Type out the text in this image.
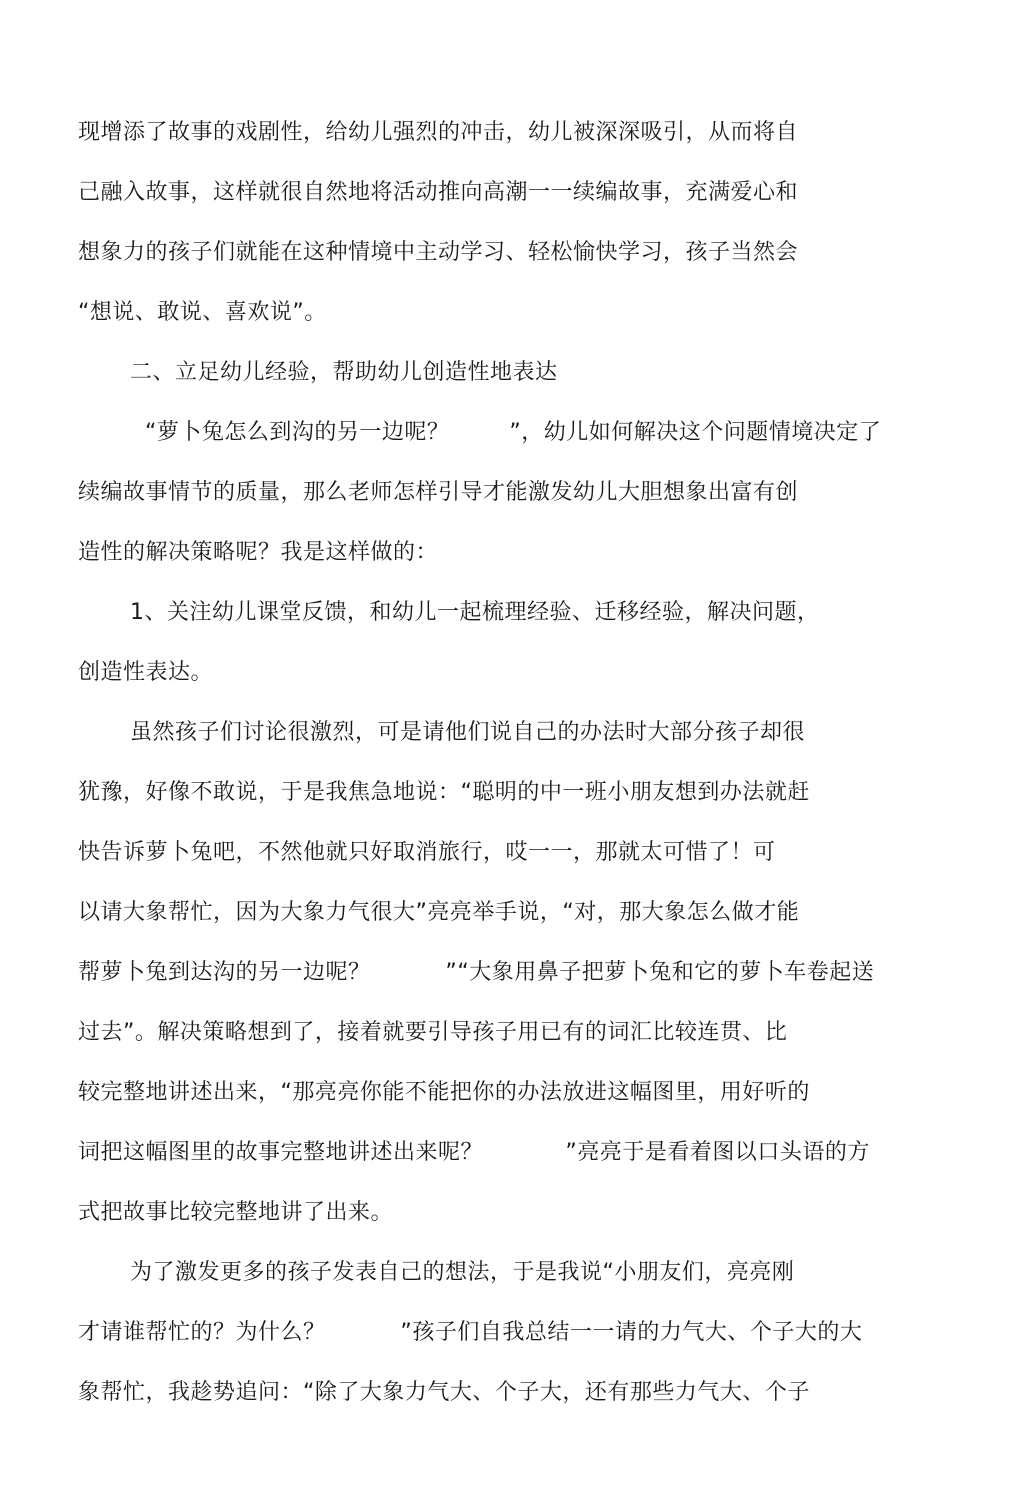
现增添了故事的戏剧性，给幼儿强烈的冲击，幼儿被深深吸引，从而将自
己融入故事，这样就很自然地将活动推向高潮一一续编故事，充满爱心和
想象力的孩子们就能在这种情境中主动学习、轻松愉快学习，孩子当然会
“想说、敢说、喜欢说”。
二、立足幼儿经验，帮助幼儿创造性地表达
“萝卜兔怎么到沟的另一边呢？        ”，幼儿如何解决这个问题情境决定了
续编故事情节的质量，那么老师怎样引导才能激发幼儿大胆想象出富有创
造性的解决策略呢？我是这样做的：
1、关注幼儿课堂反馈，和幼儿一起梳理经验、迁移经验，解决问题，
创造性表达。
虽然孩子们讨论很激烈，可是请他们说自己的办法时大部分孩子却很
犹豫，好像不敢说，于是我焦急地说：“聪明的中一班小朋友想到办法就赶
快告诉萝卜兔吧，不然他就只好取消旅行，哎一一，那就太可惜了！可
以请大象帮忙，因为大象力气很大”亮亮举手说，“对，那大象怎么做才能
帮萝卜兔到达沟的另一边呢？          ”“大象用鼻子把萝卜兔和它的萝卜车卷起送
过去”。解决策略想到了，接着就要引导孩子用已有的词汇比较连贯、比
较完整地讲述出来，“那亮亮你能不能把你的办法放进这幅图里，用好听的
词把这幅图里的故事完整地讲述出来呢？           ”亮亮于是看着图以口头语的方
式把故事比较完整地讲了出来。
为了激发更多的孩子发表自己的想法，于是我说“小朋友们，亮亮刚
才请谁帮忙的？为什么？          ”孩子们自我总结一一请的力气大、个子大的大
象帮忙，我趁势追问：“除了大象力气大、个子大，还有那些力气大、个子
